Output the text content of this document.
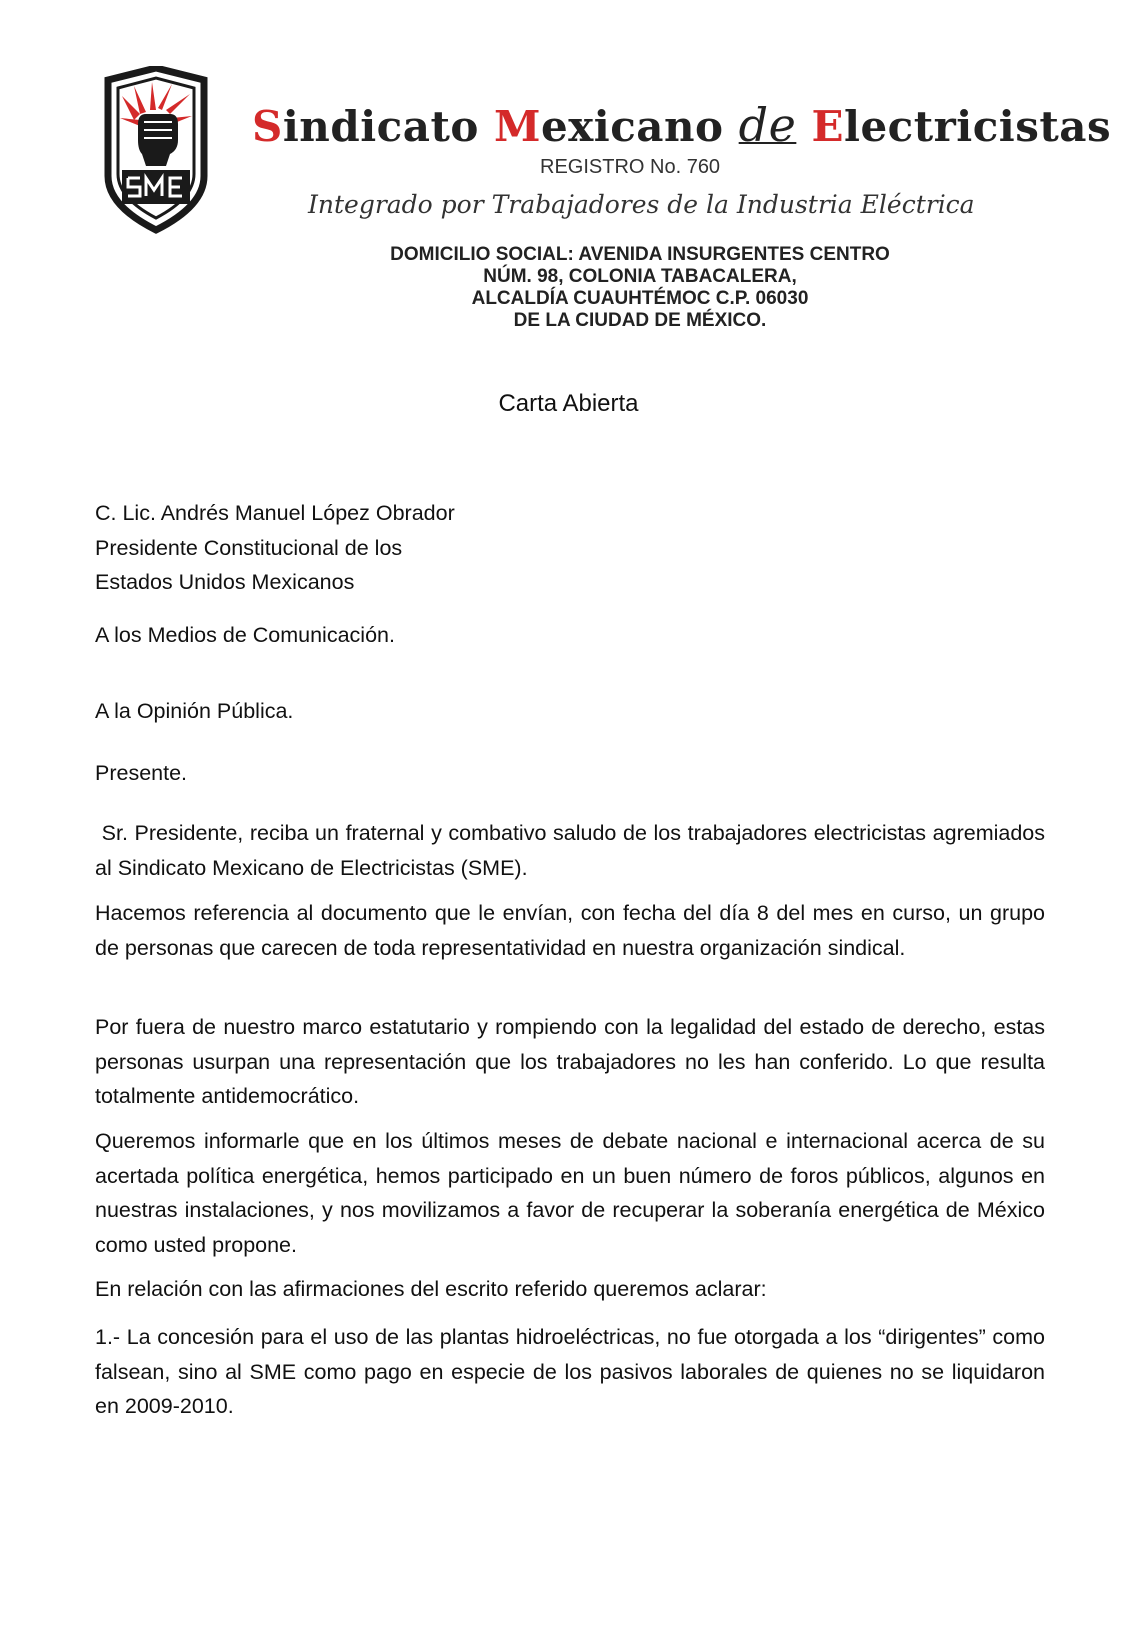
Sindicato Mexicano de Electricistas
REGISTRO No. 760
Integrado por Trabajadores de la Industria Eléctrica
DOMICILIO SOCIAL: AVENIDA INSURGENTES CENTRO
NÚM. 98, COLONIA TABACALERA,
ALCALDÍA CUAUHTÉMOC C.P. 06030
DE LA CIUDAD DE MÉXICO.
Carta Abierta
C. Lic. Andrés Manuel López Obrador
Presidente Constitucional de los
Estados Unidos Mexicanos
A los Medios de Comunicación.
A la Opinión Pública.
Presente.
Sr. Presidente, reciba un fraternal y combativo saludo de los trabajadores electricistas agremiados al Sindicato Mexicano de Electricistas (SME).
Hacemos referencia al documento que le envían, con fecha del día 8 del mes en curso, un grupo de personas que carecen de toda representatividad en nuestra organización sindical.
Por fuera de nuestro marco estatutario y rompiendo con la legalidad del estado de derecho, estas personas usurpan una representación que los trabajadores no les han conferido. Lo que resulta totalmente antidemocrático.
Queremos informarle que en los últimos meses de debate nacional e internacional acerca de su acertada política energética, hemos participado en un buen número de foros públicos, algunos en nuestras instalaciones, y nos movilizamos a favor de recuperar la soberanía energética de México como usted propone.
En relación con las afirmaciones del escrito referido queremos aclarar:
1.- La concesión para el uso de las plantas hidroeléctricas, no fue otorgada a los “dirigentes” como falsean, sino al SME como pago en especie de los pasivos laborales de quienes no se liquidaron en 2009-2010.
